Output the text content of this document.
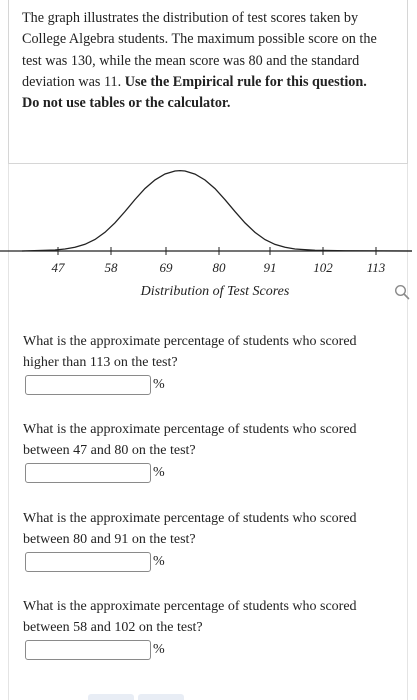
The graph illustrates the distribution of test scores taken by College Algebra students. The maximum possible score on the test was 130, while the mean score was 80 and the standard deviation was 11. Use the Empirical rule for this question. Do not use tables or the calculator.
47	58	69	80	91	102	113
Distribution of Test Scores
What is the approximate percentage of students who scored higher than 113 on the test?
%
What is the approximate percentage of students who scored between 47 and 80 on the test?
%
What is the approximate percentage of students who scored between 80 and 91 on the test?
%
What is the approximate percentage of students who scored between 58 and 102 on the test?
%
